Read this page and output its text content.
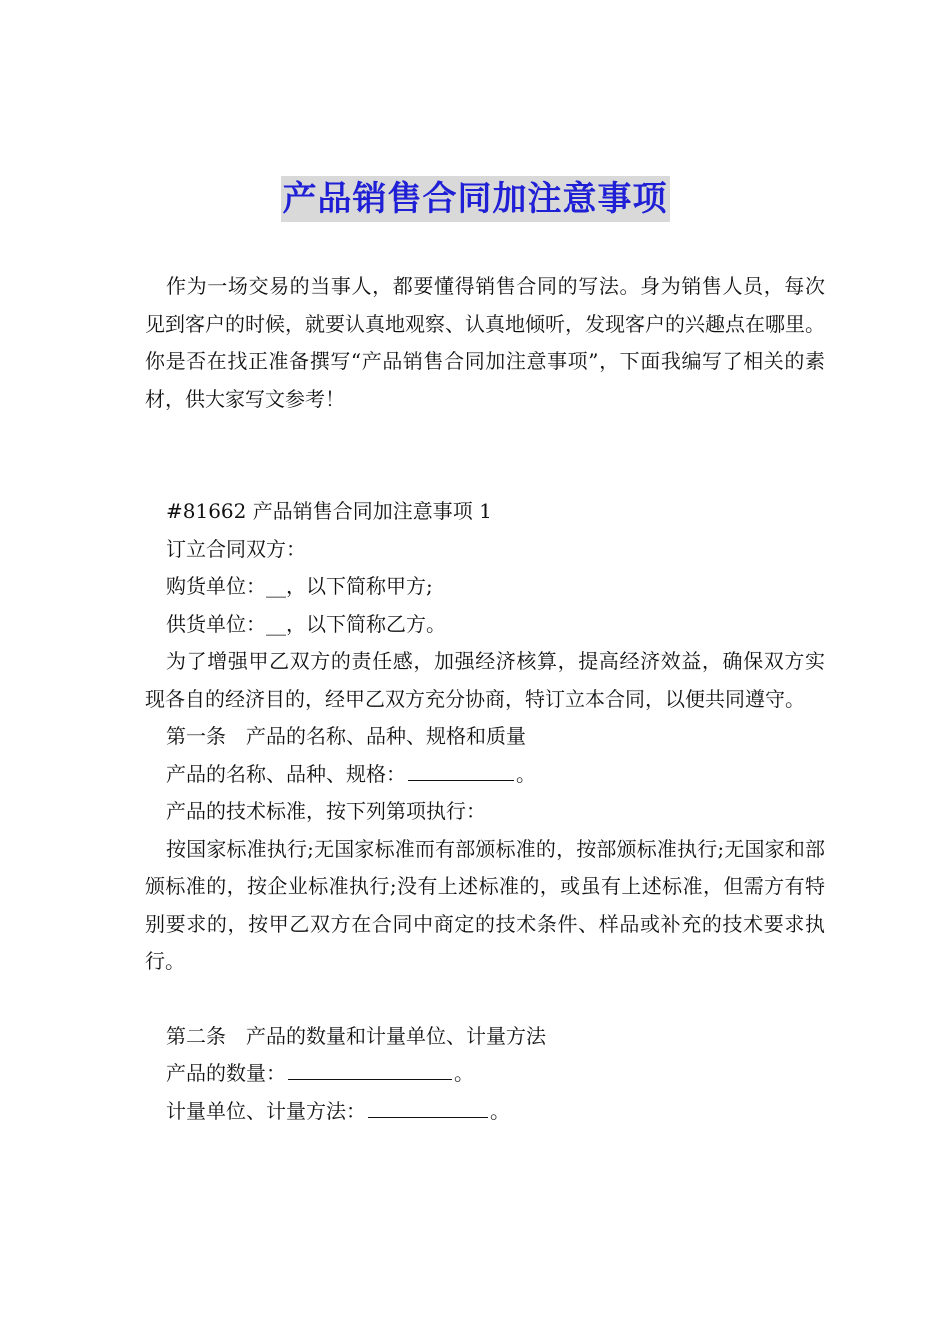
产品销售合同加注意事项

作为一场交易的当事人，都要懂得销售合同的写法。身为销售人员，每次见到客户的时候，就要认真地观察、认真地倾听，发现客户的兴趣点在哪里。你是否在找正准备撰写“产品销售合同加注意事项”，下面我编写了相关的素材，供大家写文参考！

#81662 产品销售合同加注意事项 1

订立合同双方：

购货单位：__，以下简称甲方;

供货单位：__，以下简称乙方。

为了增强甲乙双方的责任感，加强经济核算，提高经济效益，确保双方实现各自的经济目的，经甲乙双方充分协商，特订立本合同，以便共同遵守。

第一条　产品的名称、品种、规格和质量

产品的名称、品种、规格：	。

产品的技术标准，按下列第项执行：

按国家标准执行;无国家标准而有部颁标准的，按部颁标准执行;无国家和部颁标准的，按企业标准执行;没有上述标准的，或虽有上述标准，但需方有特别要求的，按甲乙双方在合同中商定的技术条件、样品或补充的技术要求执行。

第二条　产品的数量和计量单位、计量方法

产品的数量：	。

计量单位、计量方法：	。
